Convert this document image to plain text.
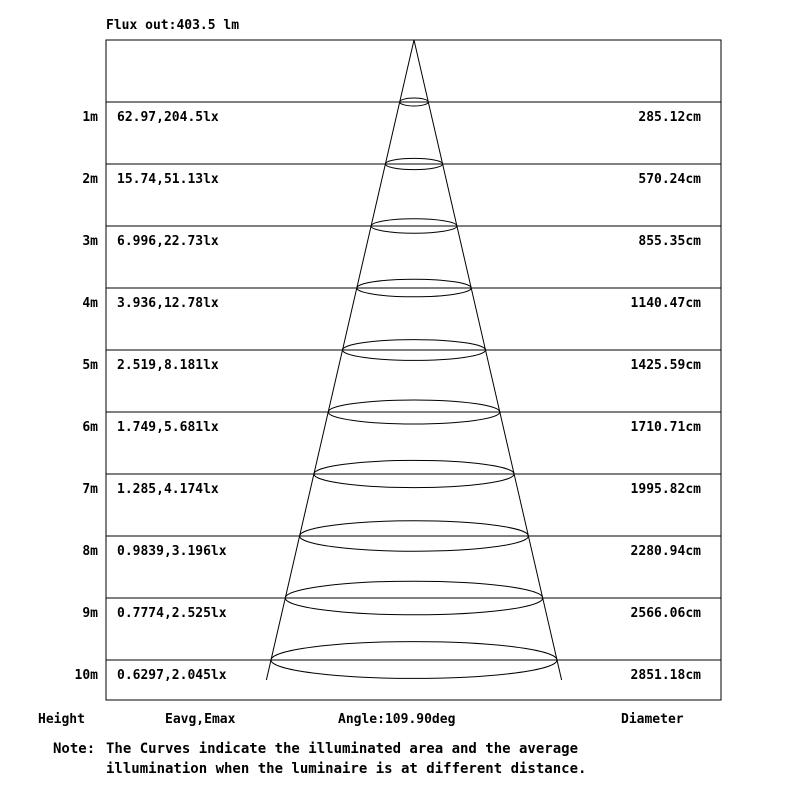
Flux out:403.5 lm
1m 62.97,204.5lx	285.12cm
2m 15.74,51.13lx	570.24cm
3m 6.996,22.73lx	855.35cm
4m 3.936,12.78lx	1140.47cm
5m 2.519,8.181lx	1425.59cm
6m 1.749,5.681lx	1710.71cm
7m 1.285,4.174lx	1995.82cm
8m 0.9839,3.196lx	2280.94cm
9m 0.7774,2.525lx	2566.06cm
10m 0.6297,2.045lx	2851.18cm
Height	Eavg,Emax	Angle:109.90deg	Diameter
Note: The Curves indicate the illuminated area and the average
illumination when the luminaire is at different distance.
